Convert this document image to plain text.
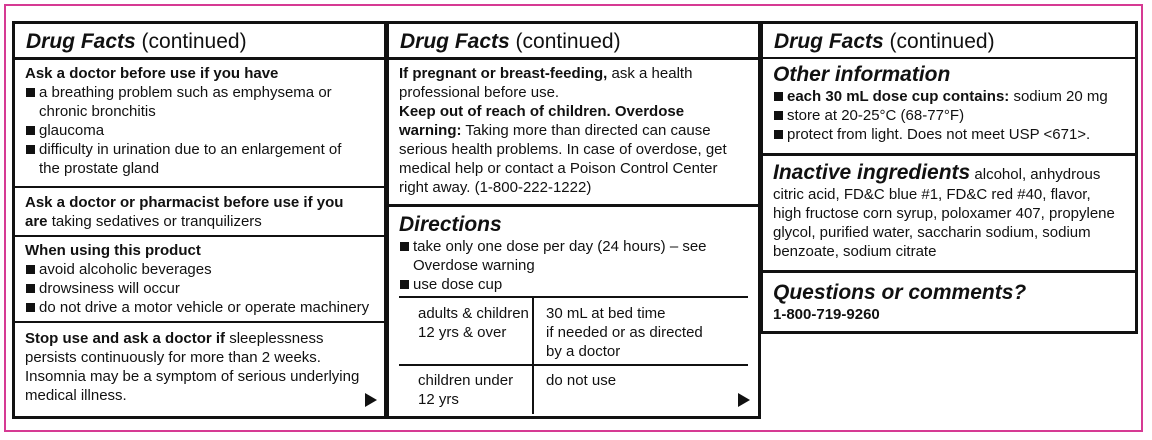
Drug Facts (continued)
Ask a doctor before use if you have
a breathing problem such as emphysema or
chronic bronchitis
glaucoma
difficulty in urination due to an enlargement of
the prostate gland
Ask a doctor or pharmacist before use if you
are taking sedatives or tranquilizers
When using this product
avoid alcoholic beverages
drowsiness will occur
do not drive a motor vehicle or operate machinery
Stop use and ask a doctor if sleeplessness
persists continuously for more than 2 weeks.
Insomnia may be a symptom of serious underlying
medical illness.
Drug Facts (continued)
If pregnant or breast-feeding, ask a health
professional before use.
Keep out of reach of children. Overdose
warning: Taking more than directed can cause
serious health problems. In case of overdose, get
medical help or contact a Poison Control Center
right away. (1-800-222-1222)
Directions
take only one dose per day (24 hours) – see
Overdose warning
use dose cup
adults & children
12 yrs & over
30 mL at bed time
if needed or as directed
by a doctor
children under
12 yrs
do not use
Drug Facts (continued)
Other information
each 30 mL dose cup contains: sodium 20 mg
store at 20-25°C (68-77°F)
protect from light. Does not meet USP <671>.
Inactive ingredients alcohol, anhydrous
citric acid, FD&C blue #1, FD&C red #40, flavor,
high fructose corn syrup, poloxamer 407, propylene
glycol, purified water, saccharin sodium, sodium
benzoate, sodium citrate
Questions or comments?
1-800-719-9260
